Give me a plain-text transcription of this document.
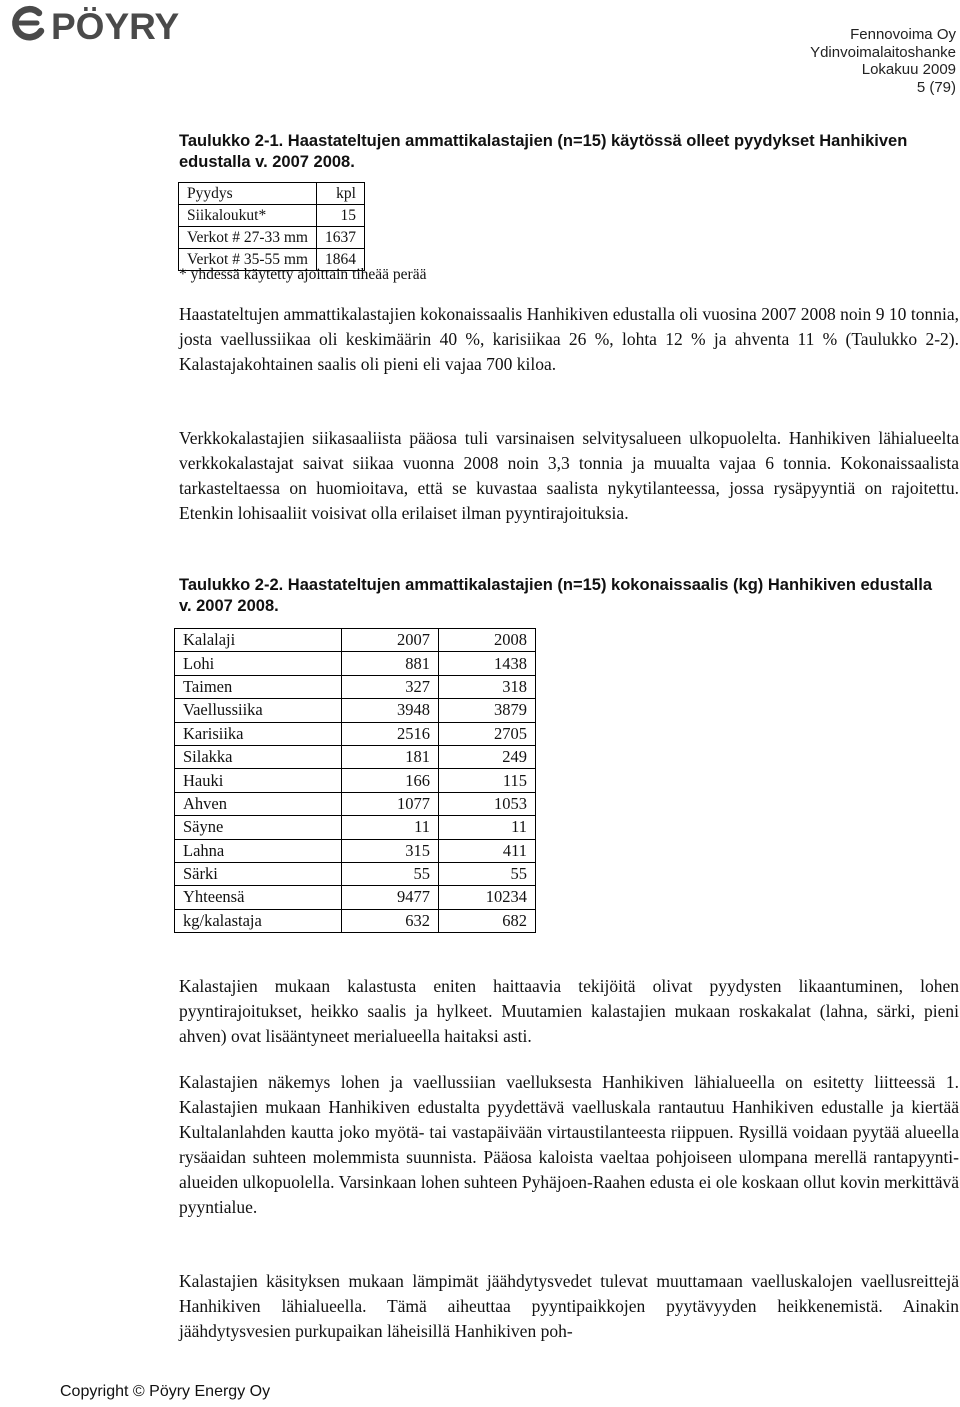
PÖYRY	Fennovoima Oy
Ydinvoimalaitoshanke
Lokakuu 2009
5 (79)
Taulukko 2-1. Haastateltujen ammattikalastajien (n=15) käytössä olleet pyydykset Hanhikiven edustalla v. 2007 2008.
Pyydys	kpl
Siikaloukut*	15
Verkot # 27-33 mm	1637
Verkot # 35-55 mm	1864
* yhdessä käytetty ajoittain tiheää perää

Haastateltujen ammattikalastajien kokonaissaalis Hanhikiven edustalla oli vuosina 2007 2008 noin 9 10 tonnia, josta vaellussiikaa oli keskimäärin 40 %, karisiikaa 26 %, lohta 12 % ja ahventa 11 % (Taulukko 2-2). Kalastajakohtainen saalis oli pieni eli vajaa 700 kiloa.

Verkkokalastajien siikasaaliista pääosa tuli varsinaisen selvitysalueen ulkopuolelta. Hanhikiven lähialueelta verkkokalastajat saivat siikaa vuonna 2008 noin 3,3 tonnia ja muualta vajaa 6 tonnia. Kokonaissaalista tarkasteltaessa on huomioitava, että se kuvastaa saalista nykytilanteessa, jossa rysäpyyntiä on rajoitettu. Etenkin lohisaaliit voisivat olla erilaiset ilman pyyntirajoituksia.

Taulukko 2-2. Haastateltujen ammattikalastajien (n=15) kokonaissaalis (kg) Hanhikiven edustalla v. 2007 2008.
Kalalaji	2007	2008
Lohi	881	1438
Taimen	327	318
Vaellussiika	3948	3879
Karisiika	2516	2705
Silakka	181	249
Hauki	166	115
Ahven	1077	1053
Säyne	11	11
Lahna	315	411
Särki	55	55
Yhteensä	9477	10234
kg/kalastaja	632	682

Kalastajien mukaan kalastusta eniten haittaavia tekijöitä olivat pyydysten likaantuminen, lohen pyyntirajoitukset, heikko saalis ja hylkeet. Muutamien kalastajien mukaan roskakalat (lahna, särki, pieni ahven) ovat lisääntyneet merialueella haitaksi asti.

Kalastajien näkemys lohen ja vaellussiian vaelluksesta Hanhikiven lähialueella on esitetty liitteessä 1. Kalastajien mukaan Hanhikiven edustalta pyydettävä vaelluskala rantautuu Hanhikiven edustalle ja kiertää Kultalanlahden kautta joko myötä- tai vastapäivään virtaustilanteesta riippuen. Rysillä voidaan pyytää alueella rysäaidan suhteen molemmista suunnista. Pääosa kaloista vaeltaa pohjoiseen ulompana merellä rantapyyntialueiden ulkopuolella. Varsinkaan lohen suhteen Pyhäjoen-Raahen edusta ei ole koskaan ollut kovin merkittävä pyyntialue.

Kalastajien käsityksen mukaan lämpimät jäähdytysvedet tulevat muuttamaan vaelluskalojen vaellusreittejä Hanhikiven lähialueella. Tämä aiheuttaa pyyntipaikkojen pyytävyyden heikkenemistä. Ainakin jäähdytysvesien purkupaikan läheisillä Hanhikiven poh-

Copyright © Pöyry Energy Oy
